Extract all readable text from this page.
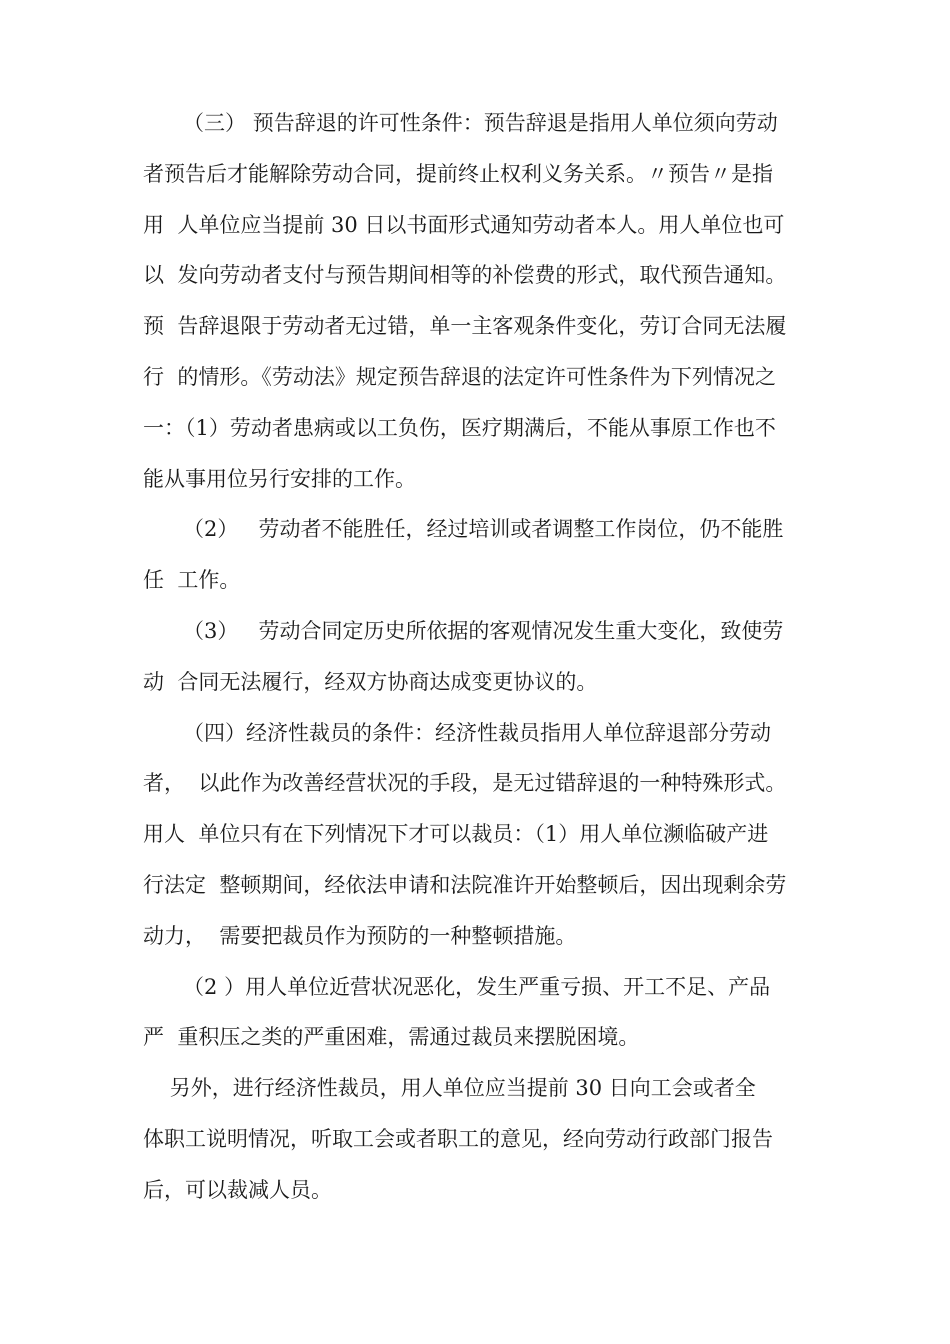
（三） 预告辞退的许可性条件：预告辞退是指用人单位须向劳动
者预告后才能解除劳动合同，提前终止权利义务关系。〃预告〃是指
用  人单位应当提前 30 日以书面形式通知劳动者本人。用人单位也可
以  发向劳动者支付与预告期间相等的补偿费的形式，取代预告通知。
预  告辞退限于劳动者无过错，单一主客观条件变化，劳订合同无法履
行  的情形。《劳动法》规定预告辞退的法定许可性条件为下列情况之
一：（1）劳动者患病或以工负伤，医疗期满后，不能从事原工作也不
能从事用位另行安排的工作。
（2）   劳动者不能胜任，经过培训或者调整工作岗位，仍不能胜
任  工作。
（3）   劳动合同定历史所依据的客观情况发生重大变化，致使劳
动  合同无法履行，经双方协商达成变更协议的。
（四）经济性裁员的条件：经济性裁员指用人单位辞退部分劳动
者，  以此作为改善经营状况的手段，是无过错辞退的一种特殊形式。
用人  单位只有在下列情况下才可以裁员：（1）用人单位濒临破产进
行法定  整顿期间，经依法申请和法院准许开始整顿后，因出现剩余劳
动力，  需要把裁员作为预防的一种整顿措施。
（2 ）用人单位近营状况恶化，发生严重亏损、开工不足、产品
严  重积压之类的严重困难，需通过裁员来摆脱困境。
另外，进行经济性裁员，用人单位应当提前 30 日向工会或者全
体职工说明情况，听取工会或者职工的意见，经向劳动行政部门报告
后，可以裁减人员。
